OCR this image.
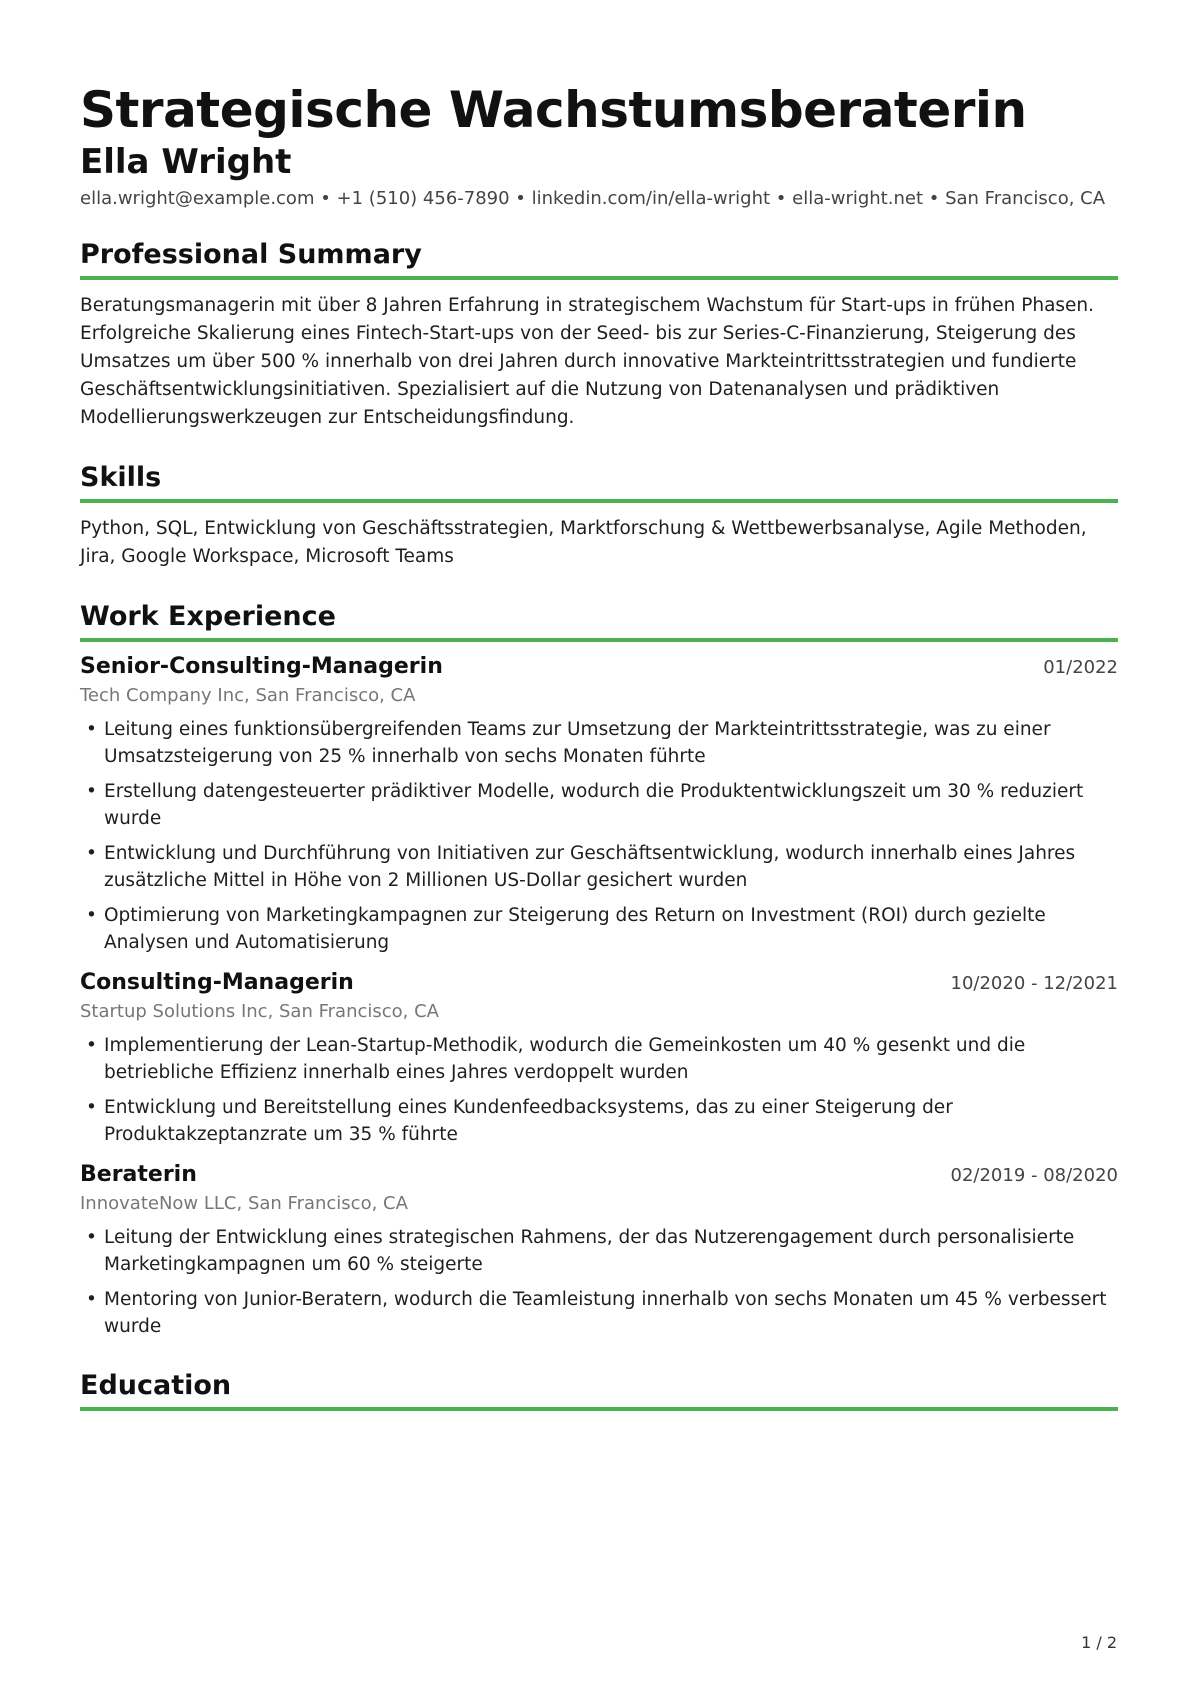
Strategische Wachstumsberaterin
Ella Wright
ella.wright@example.com • +1 (510) 456-7890 • linkedin.com/in/ella-wright • ella-wright.net • San Francisco, CA
Professional Summary

Beratungsmanagerin mit über 8 Jahren Erfahrung in strategischem Wachstum für Start-ups in frühen Phasen. Erfolgreiche Skalierung eines Fintech-Start-ups von der Seed- bis zur Series-C-Finanzierung, Steigerung des Umsatzes um über 500 % innerhalb von drei Jahren durch innovative Markteintrittsstrategien und fundierte Geschäftsentwicklungsinitiativen. Spezialisiert auf die Nutzung von Datenanalysen und prädiktiven Modellierungswerkzeugen zur Entscheidungsfindung.

Skills

Python, SQL, Entwicklung von Geschäftsstrategien, Marktforschung & Wettbewerbsanalyse, Agile Methoden, Jira, Google Workspace, Microsoft Teams

Work Experience
Senior-Consulting-Managerin	01/2022
Tech Company Inc, San Francisco, CA
• Leitung eines funktionsübergreifenden Teams zur Umsetzung der Markteintrittsstrategie, was zu einer Umsatzsteigerung von 25 % innerhalb von sechs Monaten führte
• Erstellung datengesteuerter prädiktiver Modelle, wodurch die Produktentwicklungszeit um 30 % reduziert wurde
• Entwicklung und Durchführung von Initiativen zur Geschäftsentwicklung, wodurch innerhalb eines Jahres zusätzliche Mittel in Höhe von 2 Millionen US-Dollar gesichert wurden
• Optimierung von Marketingkampagnen zur Steigerung des Return on Investment (ROI) durch gezielte Analysen und Automatisierung
Consulting-Managerin	10/2020 - 12/2021
Startup Solutions Inc, San Francisco, CA
• Implementierung der Lean-Startup-Methodik, wodurch die Gemeinkosten um 40 % gesenkt und die betriebliche Effizienz innerhalb eines Jahres verdoppelt wurden
• Entwicklung und Bereitstellung eines Kundenfeedbacksystems, das zu einer Steigerung der Produktakzeptanzrate um 35 % führte
Beraterin	02/2019 - 08/2020
InnovateNow LLC, San Francisco, CA
• Leitung der Entwicklung eines strategischen Rahmens, der das Nutzerengagement durch personalisierte Marketingkampagnen um 60 % steigerte
• Mentoring von Junior-Beratern, wodurch die Teamleistung innerhalb von sechs Monaten um 45 % verbessert wurde
Education
1 / 2
